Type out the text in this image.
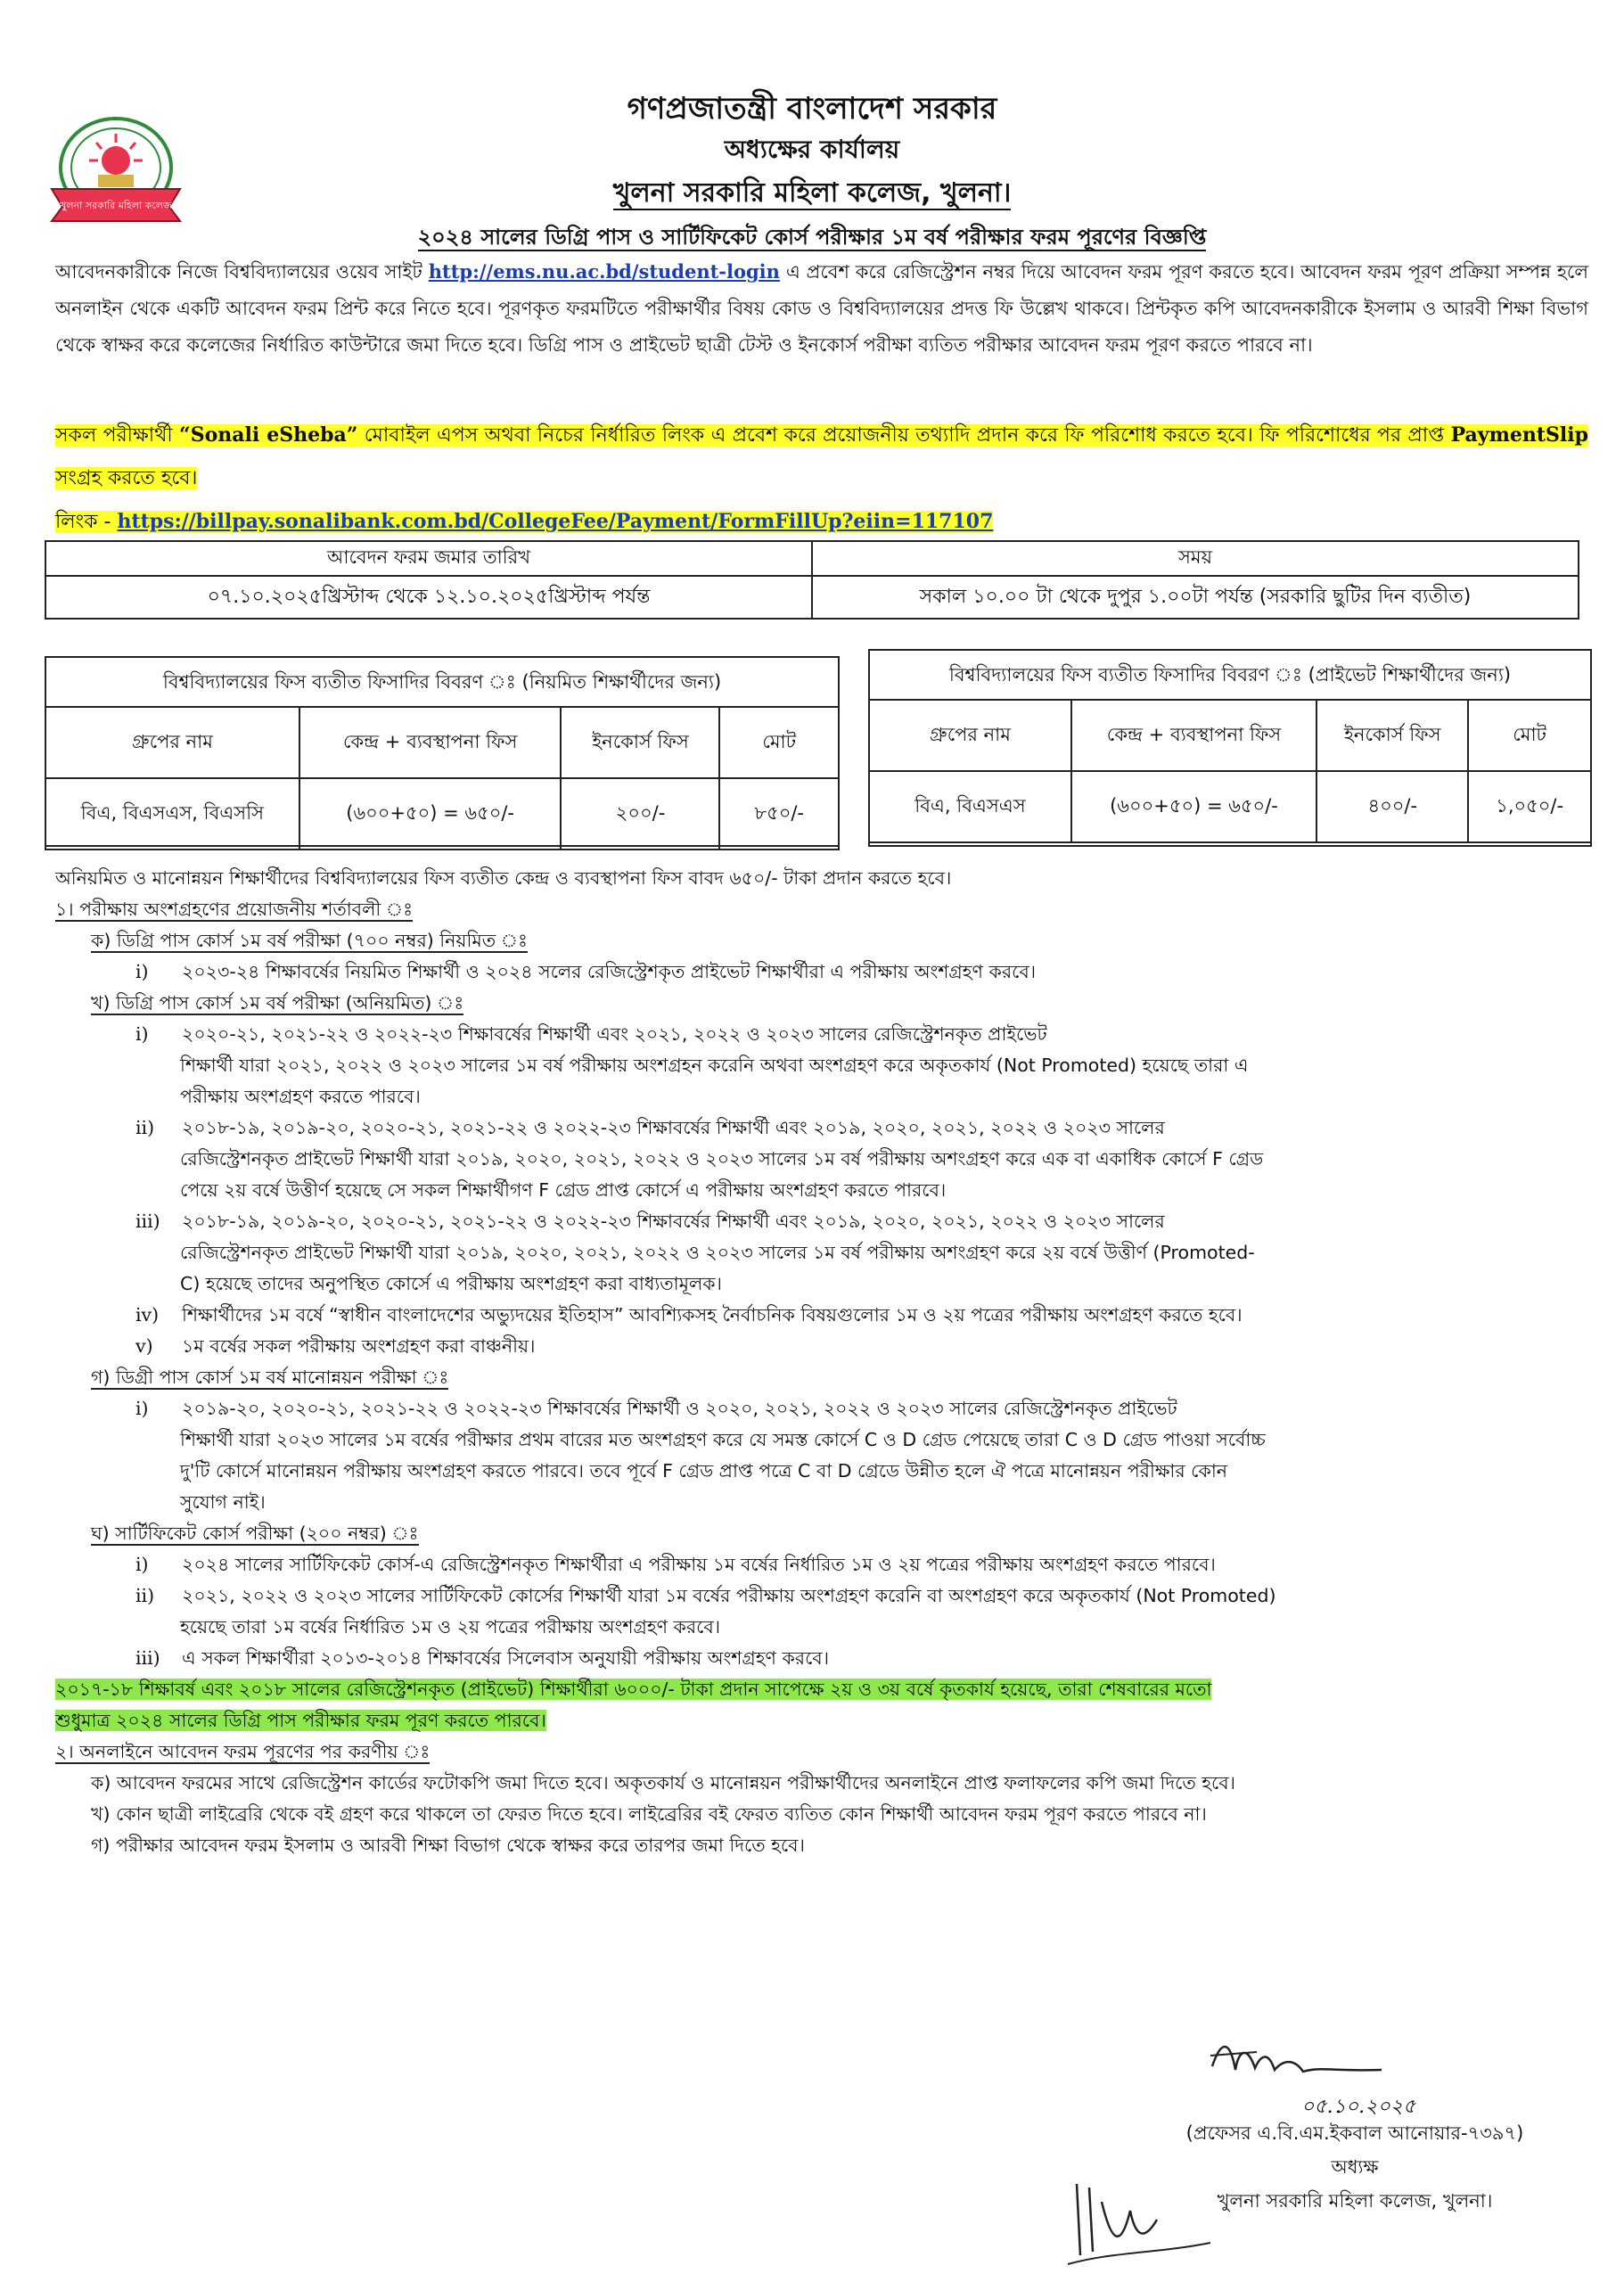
খুলনা সরকারি মহিলা কলেজ
গণপ্রজাতন্ত্রী বাংলাদেশ সরকার
অধ্যক্ষের কার্যালয়
খুলনা সরকারি মহিলা কলেজ, খুলনা।
২০২৪ সালের ডিগ্রি পাস ও সার্টিফিকেট কোর্স পরীক্ষার ১ম বর্ষ পরীক্ষার ফরম পূরণের বিজ্ঞপ্তি
আবেদনকারীকে নিজে বিশ্ববিদ্যালয়ের ওয়েব সাইট http://ems.nu.ac.bd/student-login এ প্রবেশ করে রেজিস্ট্রেশন নম্বর দিয়ে আবেদন ফরম পূরণ করতে হবে। আবেদন ফরম পূরণ প্রক্রিয়া সম্পন্ন হলে অনলাইন থেকে একটি আবেদন ফরম প্রিন্ট করে নিতে হবে। পূরণকৃত ফরমটিতে পরীক্ষার্থীর বিষয় কোড ও বিশ্ববিদ্যালয়ের প্রদত্ত ফি উল্লেখ থাকবে। প্রিন্টকৃত কপি আবেদনকারীকে ইসলাম ও আরবী শিক্ষা বিভাগ থেকে স্বাক্ষর করে কলেজের নির্ধারিত কাউন্টারে জমা দিতে হবে। ডিগ্রি পাস ও প্রাইভেট ছাত্রী টেস্ট ও ইনকোর্স পরীক্ষা ব্যতিত পরীক্ষার আবেদন ফরম পূরণ করতে পারবে না।
সকল পরীক্ষার্থী “Sonali eSheba” মোবাইল এপস অথবা নিচের নির্ধারিত লিংক এ প্রবেশ করে প্রয়োজনীয় তথ্যাদি প্রদান করে ফি পরিশোধ করতে হবে। ফি পরিশোধের পর প্রাপ্ত PaymentSlip সংগ্রহ করতে হবে।
লিংক - https://billpay.sonalibank.com.bd/CollegeFee/Payment/FormFillUp?eiin=117107
আবেদন ফরম জমার তারিখ	সময়
০৭.১০.২০২৫খ্রিস্টাব্দ থেকে ১২.১০.২০২৫খ্রিস্টাব্দ পর্যন্ত	সকাল ১০.০০ টা থেকে দুপুর ১.০০টা পর্যন্ত (সরকারি ছুটির দিন ব্যতীত)
বিশ্ববিদ্যালয়ের ফিস ব্যতীত ফিসাদির বিবরণ ঃ (নিয়মিত শিক্ষার্থীদের জন্য)
গ্রুপের নাম	কেন্দ্র + ব্যবস্থাপনা ফিস	ইনকোর্স ফিস	মোট
বিএ, বিএসএস, বিএসসি	(৬০০+৫০) = ৬৫০/-	২০০/-	৮৫০/-
বিশ্ববিদ্যালয়ের ফিস ব্যতীত ফিসাদির বিবরণ ঃ (প্রাইভেট শিক্ষার্থীদের জন্য)
গ্রুপের নাম	কেন্দ্র + ব্যবস্থাপনা ফিস	ইনকোর্স ফিস	মোট
বিএ, বিএসএস	(৬০০+৫০) = ৬৫০/-	৪০০/-	১,০৫০/-
অনিয়মিত ও মানোন্নয়ন শিক্ষার্থীদের বিশ্ববিদ্যালয়ের ফিস ব্যতীত কেন্দ্র ও ব্যবস্থাপনা ফিস বাবদ ৬৫০/- টাকা প্রদান করতে হবে।
১। পরীক্ষায় অংশগ্রহণের প্রয়োজনীয় শর্তাবলী ঃ
ক) ডিগ্রি পাস কোর্স ১ম বর্ষ পরীক্ষা (৭০০ নম্বর) নিয়মিত ঃ
i) ২০২৩-২৪ শিক্ষাবর্ষের নিয়মিত শিক্ষার্থী ও ২০২৪ সলের রেজিস্ট্রেশকৃত প্রাইভেট শিক্ষার্থীরা এ পরীক্ষায় অংশগ্রহণ করবে।
খ) ডিগ্রি পাস কোর্স ১ম বর্ষ পরীক্ষা (অনিয়মিত) ঃ
i) ২০২০-২১, ২০২১-২২ ও ২০২২-২৩ শিক্ষাবর্ষের শিক্ষার্থী এবং ২০২১, ২০২২ ও ২০২৩ সালের রেজিস্ট্রেশনকৃত প্রাইভেট
শিক্ষার্থী যারা ২০২১, ২০২২ ও ২০২৩ সালের ১ম বর্ষ পরীক্ষায় অংশগ্রহন করেনি অথবা অংশগ্রহণ করে অকৃতকার্য (Not Promoted) হয়েছে তারা এ
পরীক্ষায় অংশগ্রহণ করতে পারবে।
ii) ২০১৮-১৯, ২০১৯-২০, ২০২০-২১, ২০২১-২২ ও ২০২২-২৩ শিক্ষাবর্ষের শিক্ষার্থী এবং ২০১৯, ২০২০, ২০২১, ২০২২ ও ২০২৩ সালের
রেজিস্ট্রেশনকৃত প্রাইভেট শিক্ষার্থী যারা ২০১৯, ২০২০, ২০২১, ২০২২ ও ২০২৩ সালের ১ম বর্ষ পরীক্ষায় অশংগ্রহণ করে এক বা একাধিক কোর্সে F গ্রেড
পেয়ে ২য় বর্ষে উত্তীর্ণ হয়েছে সে সকল শিক্ষার্থীগণ F গ্রেড প্রাপ্ত কোর্সে এ পরীক্ষায় অংশগ্রহণ করতে পারবে।
iii) ২০১৮-১৯, ২০১৯-২০, ২০২০-২১, ২০২১-২২ ও ২০২২-২৩ শিক্ষাবর্ষের শিক্ষার্থী এবং ২০১৯, ২০২০, ২০২১, ২০২২ ও ২০২৩ সালের
রেজিস্ট্রেশনকৃত প্রাইভেট শিক্ষার্থী যারা ২০১৯, ২০২০, ২০২১, ২০২২ ও ২০২৩ সালের ১ম বর্ষ পরীক্ষায় অশংগ্রহণ করে ২য় বর্ষে উত্তীর্ণ (Promoted-
C) হয়েছে তাদের অনুপস্থিত কোর্সে এ পরীক্ষায় অংশগ্রহণ করা বাধ্যতামূলক।
iv) শিক্ষার্থীদের ১ম বর্ষে “স্বাধীন বাংলাদেশের অভ্যুদয়ের ইতিহাস” আবশ্যিকসহ নৈর্বাচনিক বিষয়গুলোর ১ম ও ২য় পত্রের পরীক্ষায় অংশগ্রহণ করতে হবে।
v) ১ম বর্ষের সকল পরীক্ষায় অংশগ্রহণ করা বাঞ্চনীয়।
গ) ডিগ্রী পাস কোর্স ১ম বর্ষ মানোন্নয়ন পরীক্ষা ঃ
i) ২০১৯-২০, ২০২০-২১, ২০২১-২২ ও ২০২২-২৩ শিক্ষাবর্ষের শিক্ষার্থী ও ২০২০, ২০২১, ২০২২ ও ২০২৩ সালের রেজিস্ট্রেশনকৃত প্রাইভেট
শিক্ষার্থী যারা ২০২৩ সালের ১ম বর্ষের পরীক্ষার প্রথম বারের মত অংশগ্রহণ করে যে সমস্ত কোর্সে C ও D গ্রেড পেয়েছে তারা C ও D গ্রেড পাওয়া সর্বোচ্চ
দু'টি কোর্সে মানোন্নয়ন পরীক্ষায় অংশগ্রহণ করতে পারবে। তবে পূর্বে F গ্রেড প্রাপ্ত পত্রে C বা D গ্রেডে উন্নীত হলে ঐ পত্রে মানোন্নয়ন পরীক্ষার কোন
সুযোগ নাই।
ঘ) সার্টিফিকেট কোর্স পরীক্ষা (২০০ নম্বর) ঃ
i) ২০২৪ সালের সার্টিফিকেট কোর্স-এ রেজিস্ট্রেশনকৃত শিক্ষার্থীরা এ পরীক্ষায় ১ম বর্ষের নির্ধারিত ১ম ও ২য় পত্রের পরীক্ষায় অংশগ্রহণ করতে পারবে।
ii) ২০২১, ২০২২ ও ২০২৩ সালের সার্টিফিকেট কোর্সের শিক্ষার্থী যারা ১ম বর্ষের পরীক্ষায় অংশগ্রহণ করেনি বা অংশগ্রহণ করে অকৃতকার্য (Not Promoted)
হয়েছে তারা ১ম বর্ষের নির্ধারিত ১ম ও ২য় পত্রের পরীক্ষায় অংশগ্রহণ করবে।
iii) এ সকল শিক্ষার্থীরা ২০১৩-২০১৪ শিক্ষাবর্ষের সিলেবাস অনুযায়ী পরীক্ষায় অংশগ্রহণ করবে।
২০১৭-১৮ শিক্ষাবর্ষ এবং ২০১৮ সালের রেজিস্ট্রেশনকৃত (প্রাইভেট) শিক্ষার্থীরা ৬০০০/- টাকা প্রদান সাপেক্ষে ২য় ও ৩য় বর্ষে কৃতকার্য হয়েছে, তারা শেষবারের মতো
শুধুমাত্র ২০২৪ সালের ডিগ্রি পাস পরীক্ষার ফরম পূরণ করতে পারবে।
২। অনলাইনে আবেদন ফরম পূরণের পর করণীয় ঃ
ক) আবেদন ফরমের সাথে রেজিস্ট্রেশন কার্ডের ফটোকপি জমা দিতে হবে। অকৃতকার্য ও মানোন্নয়ন পরীক্ষার্থীদের অনলাইনে প্রাপ্ত ফলাফলের কপি জমা দিতে হবে।
খ) কোন ছাত্রী লাইব্রেরি থেকে বই গ্রহণ করে থাকলে তা ফেরত দিতে হবে। লাইব্রেরির বই ফেরত ব্যতিত কোন শিক্ষার্থী আবেদন ফরম পূরণ করতে পারবে না।
গ) পরীক্ষার আবেদন ফরম ইসলাম ও আরবী শিক্ষা বিভাগ থেকে স্বাক্ষর করে তারপর জমা দিতে হবে।
০৫.১০.২০২৫
(প্রফেসর এ.বি.এম.ইকবাল আনোয়ার-৭৩৯৭)
অধ্যক্ষ
খুলনা সরকারি মহিলা কলেজ, খুলনা।
